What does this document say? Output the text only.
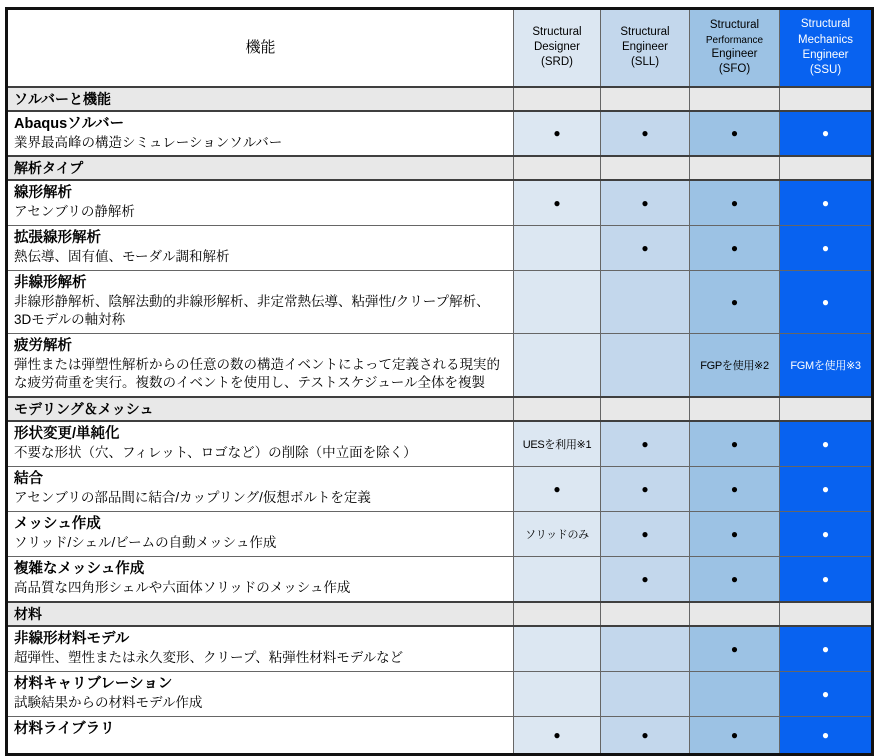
機能	Structural
Designer
(SRD)	Structural
Engineer
(SLL)	Structural
Performance
Engineer
(SFO)	Structural
Mechanics
Engineer
(SSU)

ソルバーと機能				

Abaqusソルバー
業界最高峰の構造シミュレーションソルバー	●	●	●	●
解析タイプ				

線形解析
アセンブリの静解析	●	●	●	●

拡張線形解析
熱伝導、固有値、モーダル調和解析		●	●	●

非線形解析
非線形静解析、陰解法動的非線形解析、非定常熱伝導、粘弾性/クリープ解析、3Dモデルの軸対称			●	●

疲労解析
弾性または弾塑性解析からの任意の数の構造イベントによって定義される現実的な疲労荷重を実行。複数のイベントを使用し、テストスケジュール全体を複製			FGPを使用※2	FGMを使用※3
モデリング＆メッシュ				

形状変更/単純化
不要な形状（穴、フィレット、ロゴなど）の削除（中立面を除く）	UESを利用※1	●	●	●

結合
アセンブリの部品間に結合/カップリング/仮想ボルトを定義	●	●	●	●

メッシュ作成
ソリッド/シェル/ビームの自動メッシュ作成	ソリッドのみ	●	●	●

複雑なメッシュ作成
高品質な四角形シェルや六面体ソリッドのメッシュ作成		●	●	●
材料				

非線形材料モデル
超弾性、塑性または永久変形、クリープ、粘弾性材料モデルなど			●	●

材料キャリブレーション
試験結果からの材料モデル作成				●

材料ライブラリ	●	●	●	●
